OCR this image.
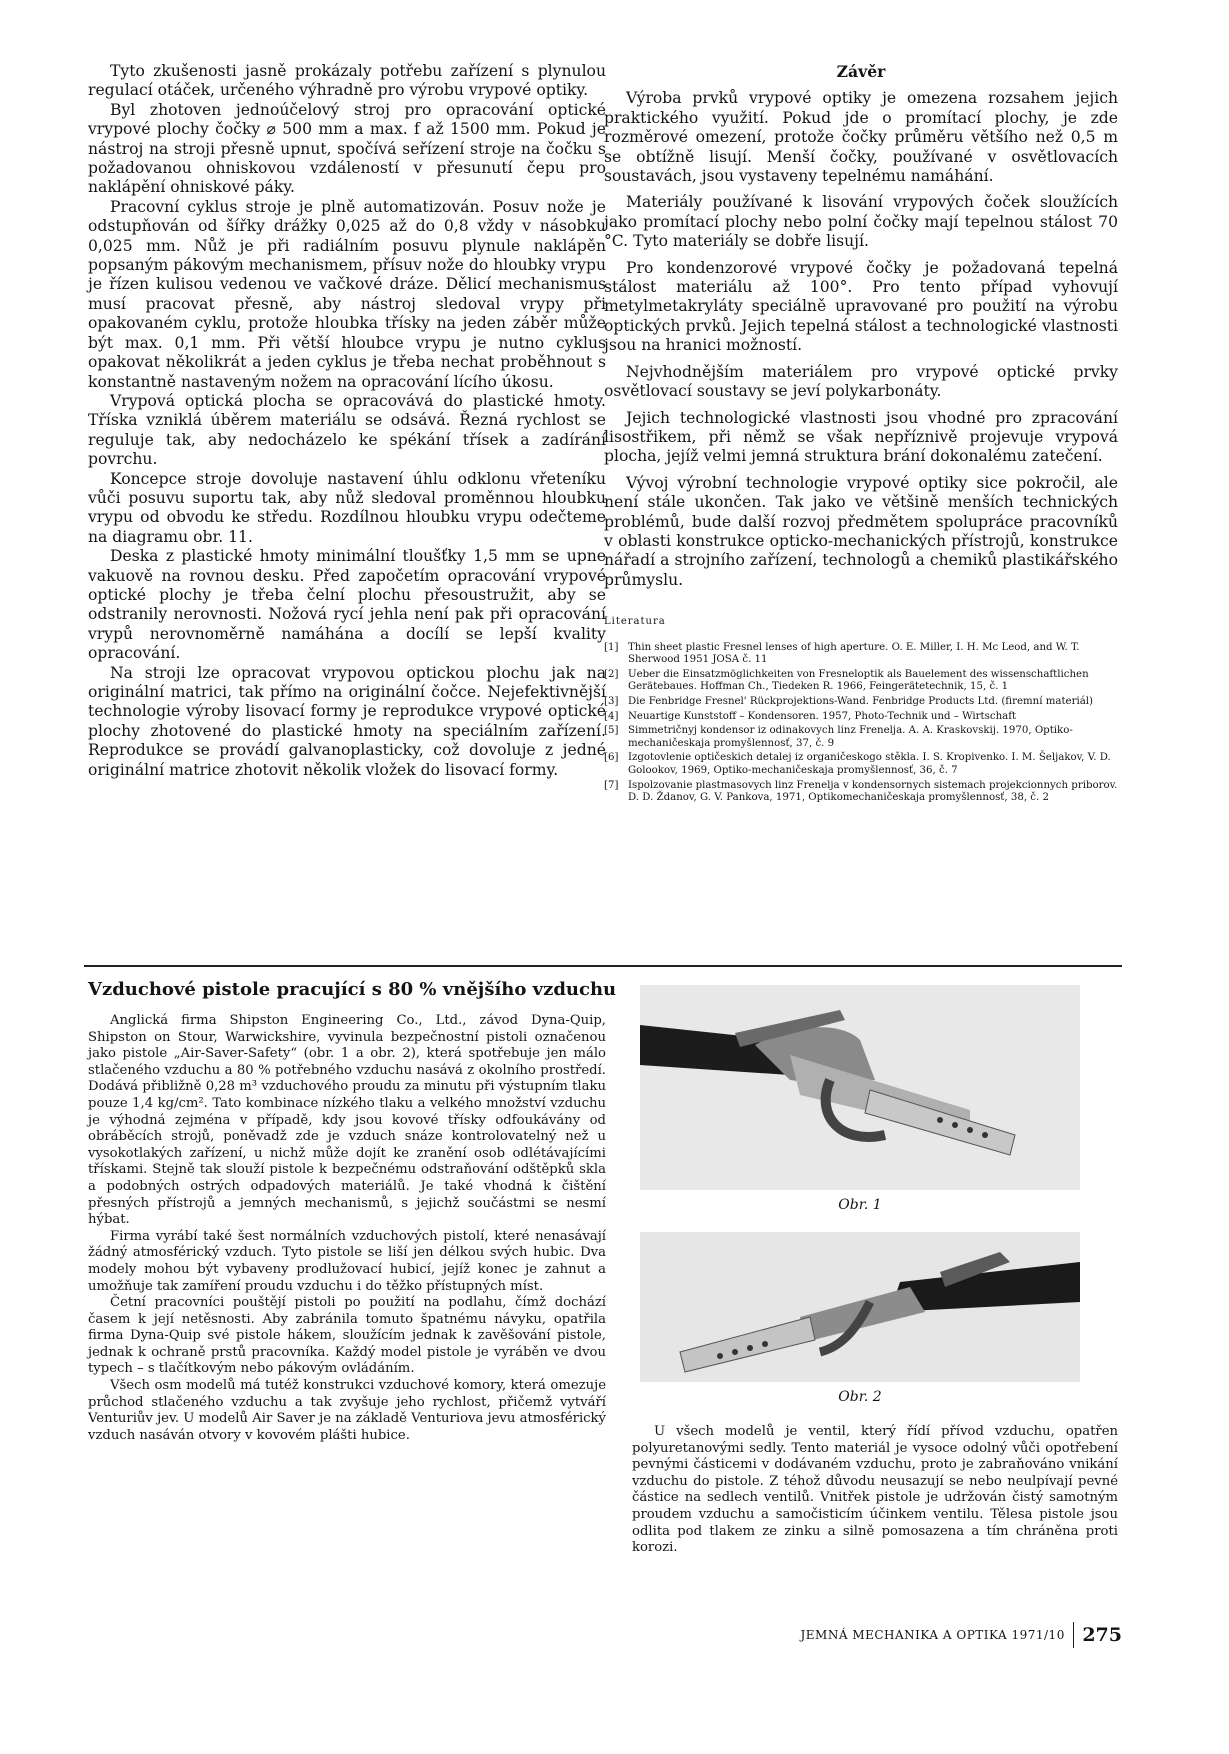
Tyto zkušenosti jasně prokázaly potřebu zařízení s plynulou regulací otáček, určeného výhradně pro výrobu vrypové optiky.

Byl zhotoven jednoúčelový stroj pro opracování optické vrypové plochy čočky ⌀ 500 mm a max. f až 1500 mm. Pokud je nástroj na stroji přesně upnut, spočívá seřízení stroje na čočku s požadovanou ohniskovou vzdáleností v přesunutí čepu pro naklápění ohniskové páky.

Pracovní cyklus stroje je plně automatizován. Posuv nože je odstupňován od šířky drážky 0,025 až do 0,8 vždy v násobku 0,025 mm. Nůž je při radiálním posuvu plynule naklápěn popsaným pákovým mechanismem, přísuv nože do hloubky vrypu je řízen kulisou vedenou ve vačkové dráze. Dělicí mechanismus musí pracovat přesně, aby nástroj sledoval vrypy při opakovaném cyklu, protože hloubka třísky na jeden záběr může být max. 0,1 mm. Při větší hloubce vrypu je nutno cyklus opakovat několikrát a jeden cyklus je třeba nechat proběhnout s konstantně nastaveným nožem na opracování lícího úkosu.

Vrypová optická plocha se opracovává do plastické hmoty. Tříska vzniklá úběrem materiálu se odsává. Řezná rychlost se reguluje tak, aby nedocházelo ke spékání třísek a zadírání povrchu.

Koncepce stroje dovoluje nastavení úhlu odklonu vřeteníku vůči posuvu suportu tak, aby nůž sledoval proměnnou hloubku vrypu od obvodu ke středu. Rozdílnou hloubku vrypu odečteme na diagramu obr. 11.

Deska z plastické hmoty minimální tloušťky 1,5 mm se upne vakuově na rovnou desku. Před započetím opracování vrypové optické plochy je třeba čelní plochu přesoustružit, aby se odstranily nerovnosti. Nožová rycí jehla není pak při opracování vrypů nerovnoměrně namáhána a docílí se lepší kvality opracování.

Na stroji lze opracovat vrypovou optickou plochu jak na originální matrici, tak přímo na originální čočce. Nejefektivnější technologie výroby lisovací formy je reprodukce vrypové optické plochy zhotovené do plastické hmoty na speciálním zařízení. Reprodukce se provádí galvanoplasticky, což dovoluje z jedné originální matrice zhotovit několik vložek do lisovací formy.

Závěr

Výroba prvků vrypové optiky je omezena rozsahem jejich praktického využití. Pokud jde o promítací plochy, je zde rozměrové omezení, protože čočky průměru většího než 0,5 m se obtížně lisují. Menší čočky, používané v osvětlovacích soustavách, jsou vystaveny tepelnému namáhání.

Materiály používané k lisování vrypových čoček sloužících jako promítací plochy nebo polní čočky mají tepelnou stálost 70 °C. Tyto materiály se dobře lisují.

Pro kondenzorové vrypové čočky je požadovaná tepelná stálost materiálu až 100°. Pro tento případ vyhovují metylmetakryláty speciálně upravované pro použití na výrobu optických prvků. Jejich tepelná stálost a technologické vlastnosti jsou na hranici možností.

Nejvhodnějším materiálem pro vrypové optické prvky osvětlovací soustavy se jeví polykarbonáty.

Jejich technologické vlastnosti jsou vhodné pro zpracování lisostřikem, při němž se však nepříznivě projevuje vrypová plocha, jejíž velmi jemná struktura brání dokonalému zatečení.

Vývoj výrobní technologie vrypové optiky sice pokročil, ale není stále ukončen. Tak jako ve většině menších technických problémů, bude další rozvoj předmětem spolupráce pracovníků v oblasti konstrukce opticko-mechanických přístrojů, konstrukce nářadí a strojního zařízení, technologů a chemiků plastikářského průmyslu.

Literatura
[1] Thin sheet plastic Fresnel lenses of high aperture. O. E. Miller, I. H. Mc Leod, and W. T. Sherwood 1951 JOSA č. 11
[2] Ueber die Einsatzmöglichkeiten von Fresneloptik als Bauelement des wissenschaftlichen Gerätebaues. Hoffman Ch., Tiedeken R. 1966, Feingerätetechnik, 15, č. 1
[3] Die Fenbridge Fresnel' Rückprojektions-Wand. Fenbridge Products Ltd. (firemní materiál)
[4] Neuartige Kunststoff – Kondensoren. 1957, Photo-Technik und – Wirtschaft
[5] Simmetričnyj kondensor iz odinakovych linz Frenelja. A. A. Kraskovskij. 1970, Optiko-mechaničeskaja promyšlennosť, 37, č. 9
[6] Izgotovlenie optičeskich detalej iz organičeskogo stěkla. I. S. Kropivenko. I. M. Šeljakov, V. D. Golookov, 1969, Optiko-mechaničeskaja promyšlennosť, 36, č. 7
[7] Ispolzovanie plastmasovych linz Frenelja v kondensornych sistemach projekcionnych priborov. D. D. Ždanov, G. V. Pankova, 1971, Optikomechaničeskaja promyšlennosť, 38, č. 2
Vzduchové pistole pracující s 80 % vnějšího vzduchu

Anglická firma Shipston Engineering Co., Ltd., závod Dyna-Quip, Shipston on Stour, Warwickshire, vyvinula bezpečnostní pistoli označenou jako pistole „Air-Saver-Safety“ (obr. 1 a obr. 2), která spotřebuje jen málo stlačeného vzduchu a 80 % potřebného vzduchu nasává z okolního prostředí. Dodává přibližně 0,28 m³ vzduchového proudu za minutu při výstupním tlaku pouze 1,4 kg/cm². Tato kombinace nízkého tlaku a velkého množství vzduchu je výhodná zejména v případě, kdy jsou kovové třísky odfoukávány od obráběcích strojů, poněvadž zde je vzduch snáze kontrolovatelný než u vysokotlakých zařízení, u nichž může dojít ke zranění osob odlétávajícími třískami. Stejně tak slouží pistole k bezpečnému odstraňování odštěpků skla a podobných ostrých odpadových materiálů. Je také vhodná k čištění přesných přístrojů a jemných mechanismů, s jejichž součástmi se nesmí hýbat.

Firma vyrábí také šest normálních vzduchových pistolí, které nenasávají žádný atmosférický vzduch. Tyto pistole se liší jen délkou svých hubic. Dva modely mohou být vybaveny prodlužovací hubicí, jejíž konec je zahnut a umožňuje tak zamíření proudu vzduchu i do těžko přístupných míst.

Četní pracovníci pouštějí pistoli po použití na podlahu, čímž dochází časem k její netěsnosti. Aby zabránila tomuto špatnému návyku, opatřila firma Dyna-Quip své pistole hákem, sloužícím jednak k zavěšování pistole, jednak k ochraně prstů pracovníka. Každý model pistole je vyráběn ve dvou typech – s tlačítkovým nebo pákovým ovládáním.

Všech osm modelů má tutéž konstrukci vzduchové komory, která omezuje průchod stlačeného vzduchu a tak zvyšuje jeho rychlost, přičemž vytváří Venturiův jev. U modelů Air Saver je na základě Venturiova jevu atmosférický vzduch nasáván otvory v kovovém plášti hubice.

Obr. 1
Obr. 2

U všech modelů je ventil, který řídí přívod vzduchu, opatřen polyuretanovými sedly. Tento materiál je vysoce odolný vůči opotřebení pevnými částicemi v dodávaném vzduchu, proto je zabraňováno vnikání vzduchu do pistole. Z téhož důvodu neusazují se nebo neulpívají pevné částice na sedlech ventilů. Vnitřek pistole je udržován čistý samotným proudem vzduchu a samočisticím účinkem ventilu. Tělesa pistole jsou odlita pod tlakem ze zinku a silně pomosazena a tím chráněna proti korozi.

JEMNÁ MECHANIKA A OPTIKA 1971/10 275
